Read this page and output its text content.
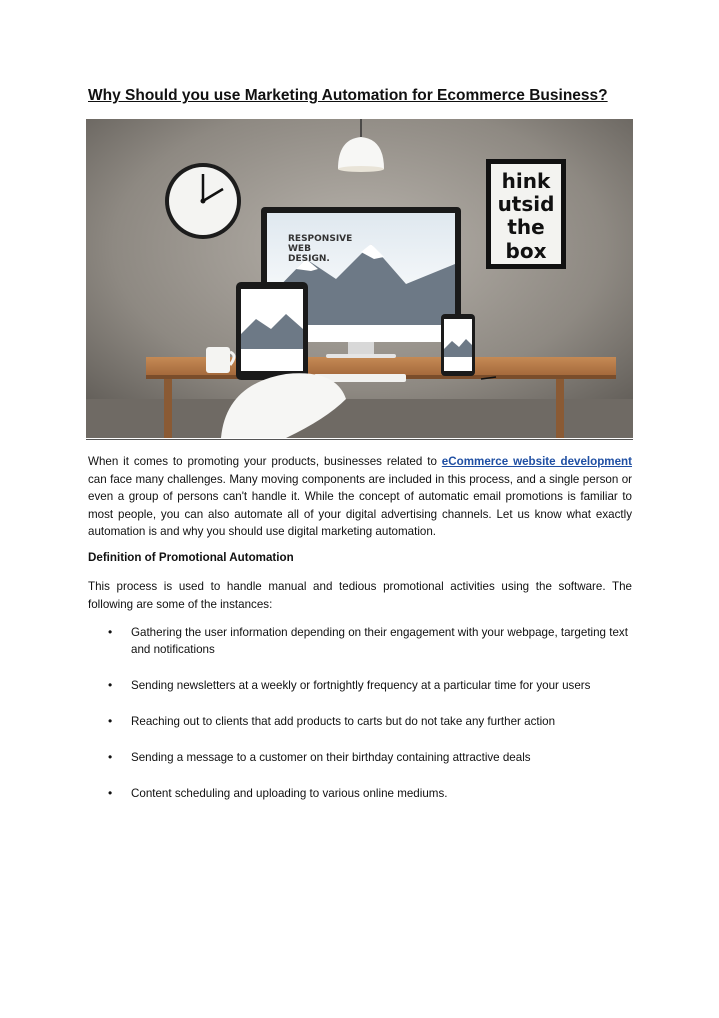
Why Should you use Marketing Automation for Ecommerce Business?
hink
utsid
the
box
RESPONSIVE
WEB
DESIGN.

When it comes to promoting your products, businesses related to eCommerce website development can face many challenges. Many moving components are included in this process, and a single person or even a group of persons can't handle it. While the concept of automatic email promotions is familiar to most people, you can also automate all of your digital advertising channels. Let us know what exactly automation is and why you should use digital marketing automation.

Definition of Promotional Automation

This process is used to handle manual and tedious promotional activities using the software. The following are some of the instances:

• Gathering the user information depending on their engagement with your webpage, targeting text and notifications
• Sending newsletters at a weekly or fortnightly frequency at a particular time for your users
• Reaching out to clients that add products to carts but do not take any further action
• Sending a message to a customer on their birthday containing attractive deals
• Content scheduling and uploading to various online mediums.
